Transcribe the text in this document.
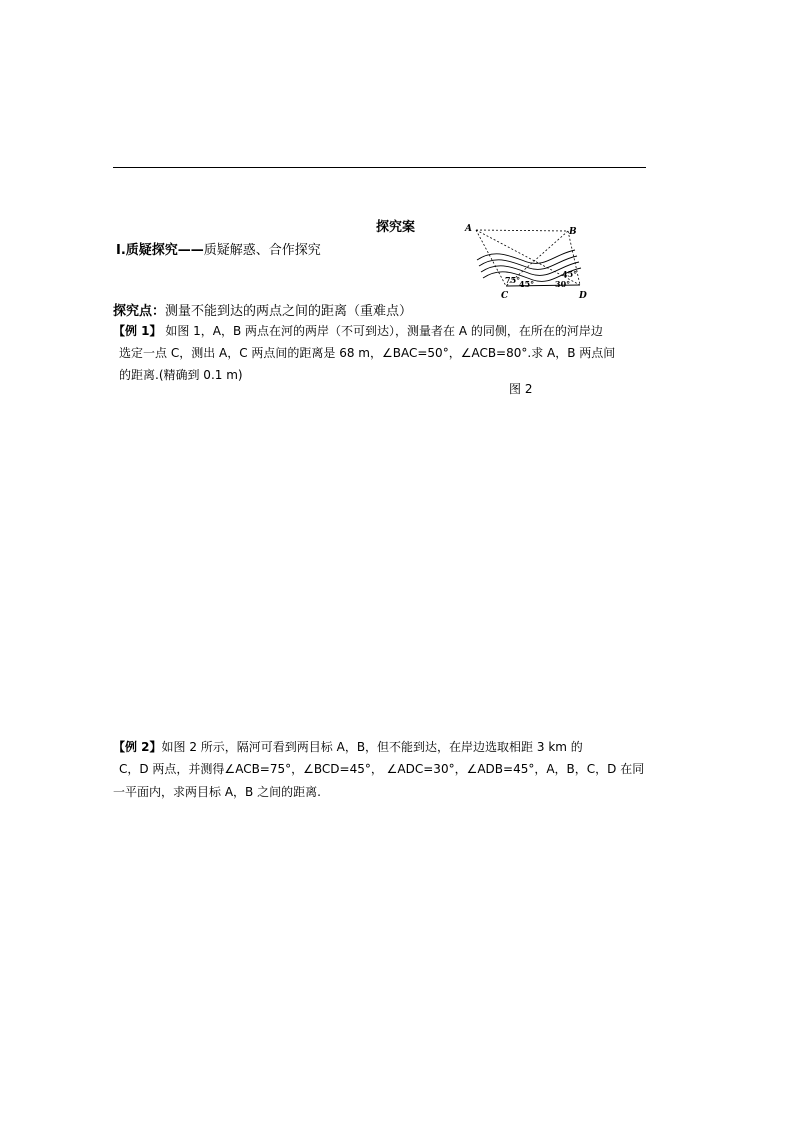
探究案
Ⅰ.质疑探究——质疑解惑、合作探究
探究点：测量不能到达的两点之间的距离（重难点）
【例 1】 如图 1，A，B 两点在河的两岸（不可到达），测量者在 A 的同侧，在所在的河岸边
选定一点 C，测出 A，C 两点间的距离是 68 m，∠BAC=50°，∠ACB=80°.求 A，B 两点间
的距离.(精确到 0.1 m)
图 2
A	B
C	D
75°
45°
45°
30°
【例 2】如图 2 所示，隔河可看到两目标 A，B，但不能到达，在岸边选取相距 3 km 的
C，D 两点，并测得∠ACB=75°，∠BCD=45°， ∠ADC=30°，∠ADB=45°，A，B，C，D 在同
一平面内，求两目标 A，B 之间的距离.
